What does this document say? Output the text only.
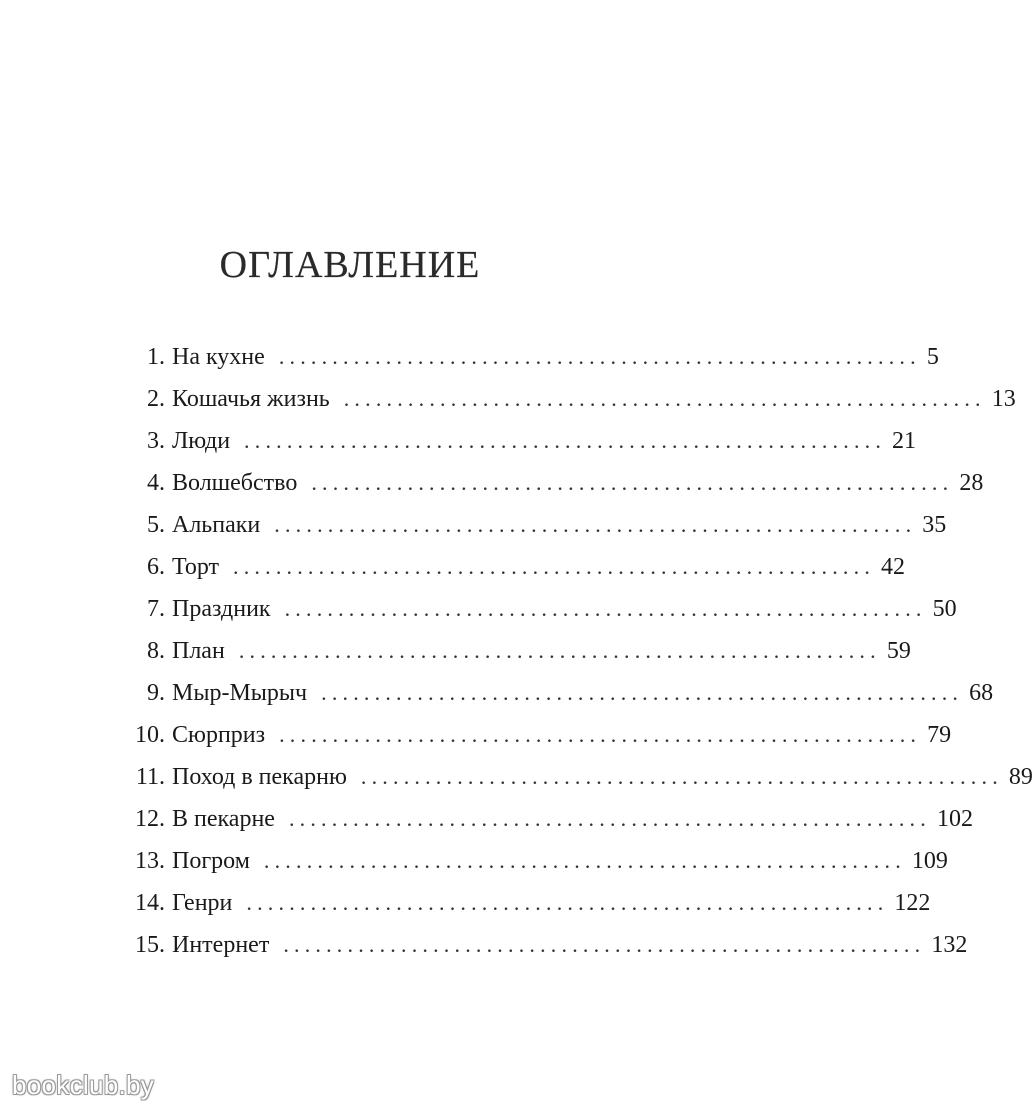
ОГЛАВЛЕНИЕ
1. На кухне ............................................................ 5
2. Кошачья жизнь ............................................................ 13
3. Люди ............................................................ 21
4. Волшебство ............................................................ 28
5. Альпаки ............................................................ 35
6. Торт ............................................................ 42
7. Праздник ............................................................ 50
8. План ............................................................ 59
9. Мыр-Мырыч ............................................................ 68
10. Сюрприз ............................................................ 79
11. Поход в пекарню ............................................................ 89
12. В пекарне ............................................................ 102
13. Погром ............................................................ 109
14. Генри ............................................................ 122
15. Интернет ............................................................ 132
bookclub.by
